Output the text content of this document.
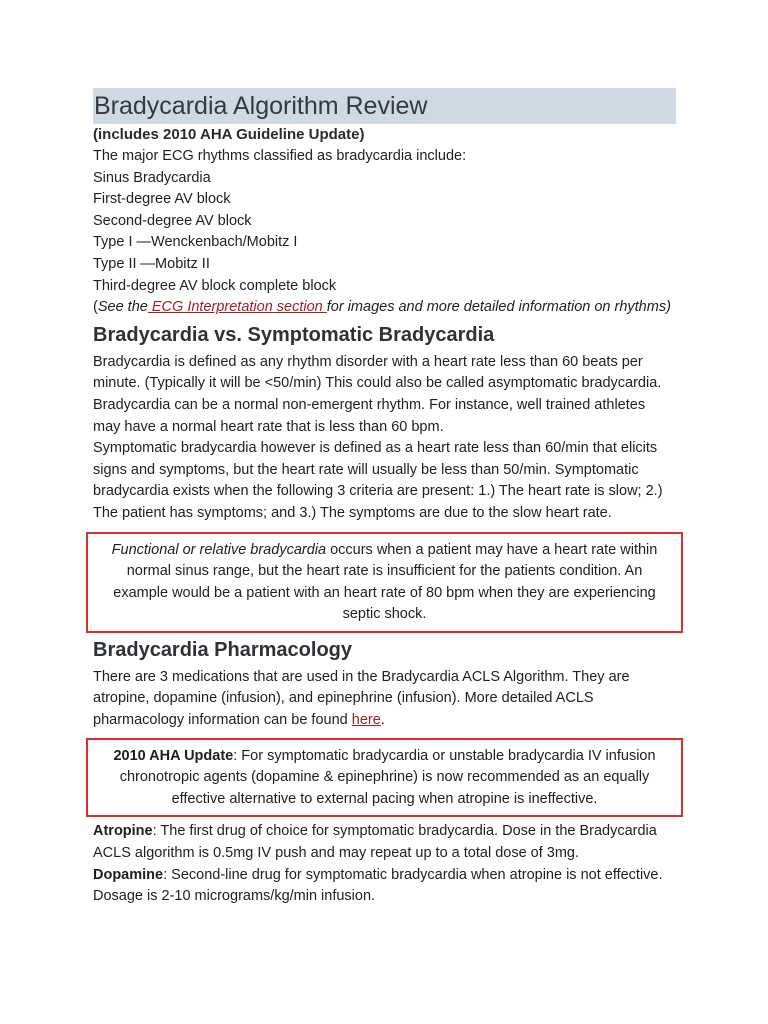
Bradycardia Algorithm Review

(includes 2010 AHA Guideline Update)

The major ECG rhythms classified as bradycardia include:

Sinus Bradycardia

First-degree AV block

Second-degree AV block

Type I —Wenckenbach/Mobitz I

Type II —Mobitz II

Third-degree AV block complete block

(See the ECG Interpretation section for images and more detailed information on rhythms)

Bradycardia vs. Symptomatic Bradycardia

Bradycardia is defined as any rhythm disorder with a heart rate less than 60 beats per minute. (Typically it will be <50/min) This could also be called asymptomatic bradycardia. Bradycardia can be a normal non-emergent rhythm. For instance, well trained athletes may have a normal heart rate that is less than 60 bpm.

Symptomatic bradycardia however is defined as a heart rate less than 60/min that elicits signs and symptoms, but the heart rate will usually be less than 50/min. Symptomatic bradycardia exists when the following 3 criteria are present: 1.) The heart rate is slow; 2.) The patient has symptoms; and 3.) The symptoms are due to the slow heart rate.

Functional or relative bradycardia occurs when a patient may have a heart rate within normal sinus range, but the heart rate is insufficient for the patients condition. An example would be a patient with an heart rate of 80 bpm when they are experiencing septic shock.
Bradycardia Pharmacology

There are 3 medications that are used in the Bradycardia ACLS Algorithm. They are atropine, dopamine (infusion), and epinephrine (infusion). More detailed ACLS pharmacology information can be found here.

2010 AHA Update: For symptomatic bradycardia or unstable bradycardia IV infusion chronotropic agents (dopamine & epinephrine) is now recommended as an equally effective alternative to external pacing when atropine is ineffective.

Atropine: The first drug of choice for symptomatic bradycardia. Dose in the Bradycardia ACLS algorithm is 0.5mg IV push and may repeat up to a total dose of 3mg.

Dopamine: Second-line drug for symptomatic bradycardia when atropine is not effective. Dosage is 2-10 micrograms/kg/min infusion.
